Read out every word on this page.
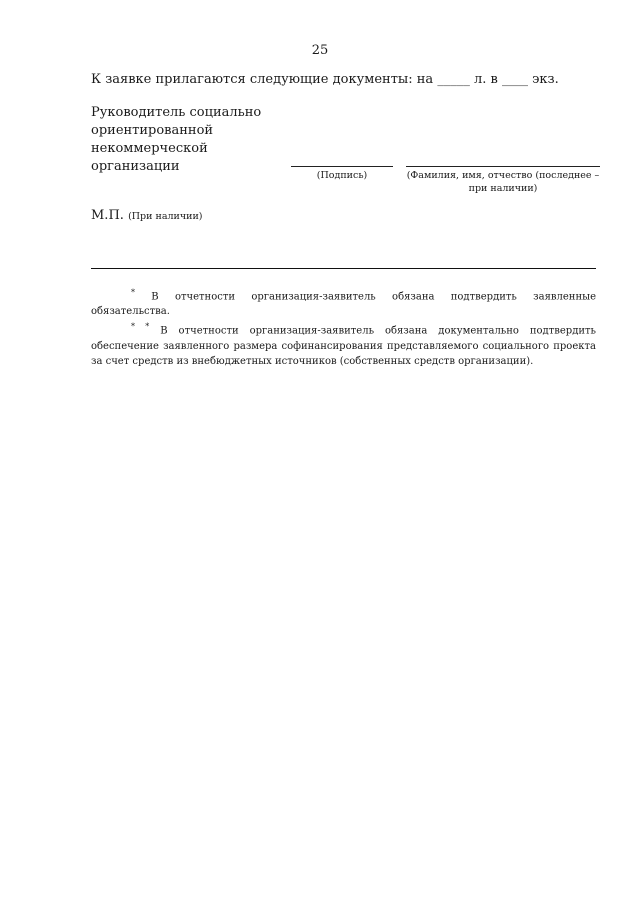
25
К заявке прилагаются следующие документы: на _____ л. в ____ экз.
Руководитель социально
ориентированной
некоммерческой
организации
(Подпись)	(Фамилия, имя, отчество (последнее –
при наличии)
М.П. (При наличии)

* В отчетности организация-заявитель обязана подтвердить заявленные обязательства.

* * В отчетности организация-заявитель обязана документально подтвердить обеспечение заявленного размера софинансирования представляемого социального проекта за счет средств из внебюджетных источников (собственных средств организации).
